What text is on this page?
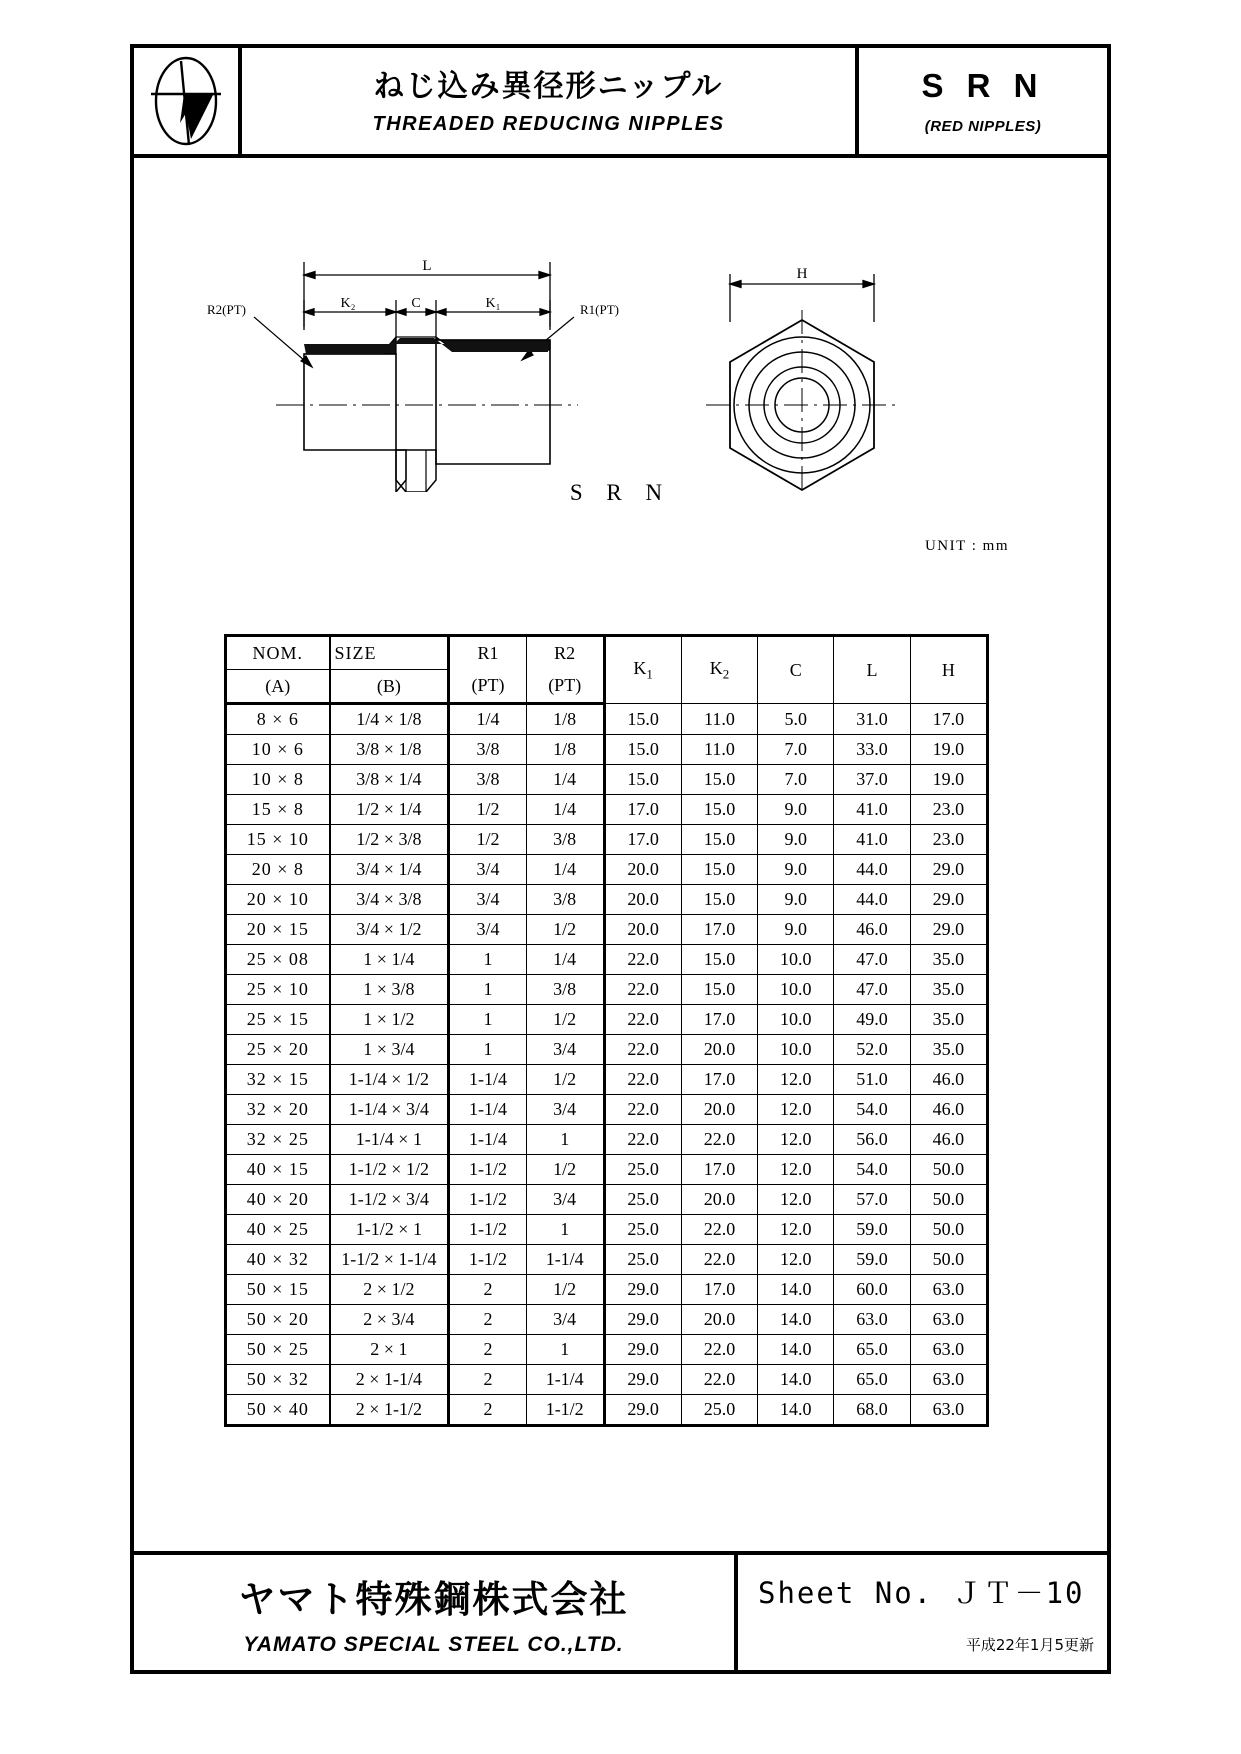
ねじ込み異径形ニップル
THREADED REDUCING NIPPLES
S R N
(RED NIPPLES)
L
K₂	C	K₁
R2(PT)	R1(PT)
H
S R N
UNIT : mm
NOM.	SIZE	R1	R2	$K_1$	$K_2$	C	L	H
(A)	(B)	(PT)	(PT)					
8 × 6	1/4 × 1/8	1/4	1/8	15.0	11.0	5.0	31.0	17.0
10 × 6	3/8 × 1/8	3/8	1/8	15.0	11.0	7.0	33.0	19.0
10 × 8	3/8 × 1/4	3/8	1/4	15.0	15.0	7.0	37.0	19.0
15 × 8	1/2 × 1/4	1/2	1/4	17.0	15.0	9.0	41.0	23.0
15 × 10	1/2 × 3/8	1/2	3/8	17.0	15.0	9.0	41.0	23.0
20 × 8	3/4 × 1/4	3/4	1/4	20.0	15.0	9.0	44.0	29.0
20 × 10	3/4 × 3/8	3/4	3/8	20.0	15.0	9.0	44.0	29.0
20 × 15	3/4 × 1/2	3/4	1/2	20.0	17.0	9.0	46.0	29.0
25 × 08	1 × 1/4	1	1/4	22.0	15.0	10.0	47.0	35.0
25 × 10	1 × 3/8	1	3/8	22.0	15.0	10.0	47.0	35.0
25 × 15	1 × 1/2	1	1/2	22.0	17.0	10.0	49.0	35.0
25 × 20	1 × 3/4	1	3/4	22.0	20.0	10.0	52.0	35.0
32 × 15	1-1/4 × 1/2	1-1/4	1/2	22.0	17.0	12.0	51.0	46.0
32 × 20	1-1/4 × 3/4	1-1/4	3/4	22.0	20.0	12.0	54.0	46.0
32 × 25	1-1/4 × 1	1-1/4	1	22.0	22.0	12.0	56.0	46.0
40 × 15	1-1/2 × 1/2	1-1/2	1/2	25.0	17.0	12.0	54.0	50.0
40 × 20	1-1/2 × 3/4	1-1/2	3/4	25.0	20.0	12.0	57.0	50.0
40 × 25	1-1/2 × 1	1-1/2	1	25.0	22.0	12.0	59.0	50.0
40 × 32	1-1/2 × 1-1/4	1-1/2	1-1/4	25.0	22.0	12.0	59.0	50.0
50 × 15	2 × 1/2	2	1/2	29.0	17.0	14.0	60.0	63.0
50 × 20	2 × 3/4	2	3/4	29.0	20.0	14.0	63.0	63.0
50 × 25	2 × 1	2	1	29.0	22.0	14.0	65.0	63.0
50 × 32	2 × 1-1/4	2	1-1/4	29.0	22.0	14.0	65.0	63.0
50 × 40	2 × 1-1/2	2	1-1/2	29.0	25.0	14.0	68.0	63.0
ヤマト特殊鋼株式会社
YAMATO SPECIAL STEEL CO.,LTD.
Sheet No. ＪＴ－10
平成22年1月5更新
